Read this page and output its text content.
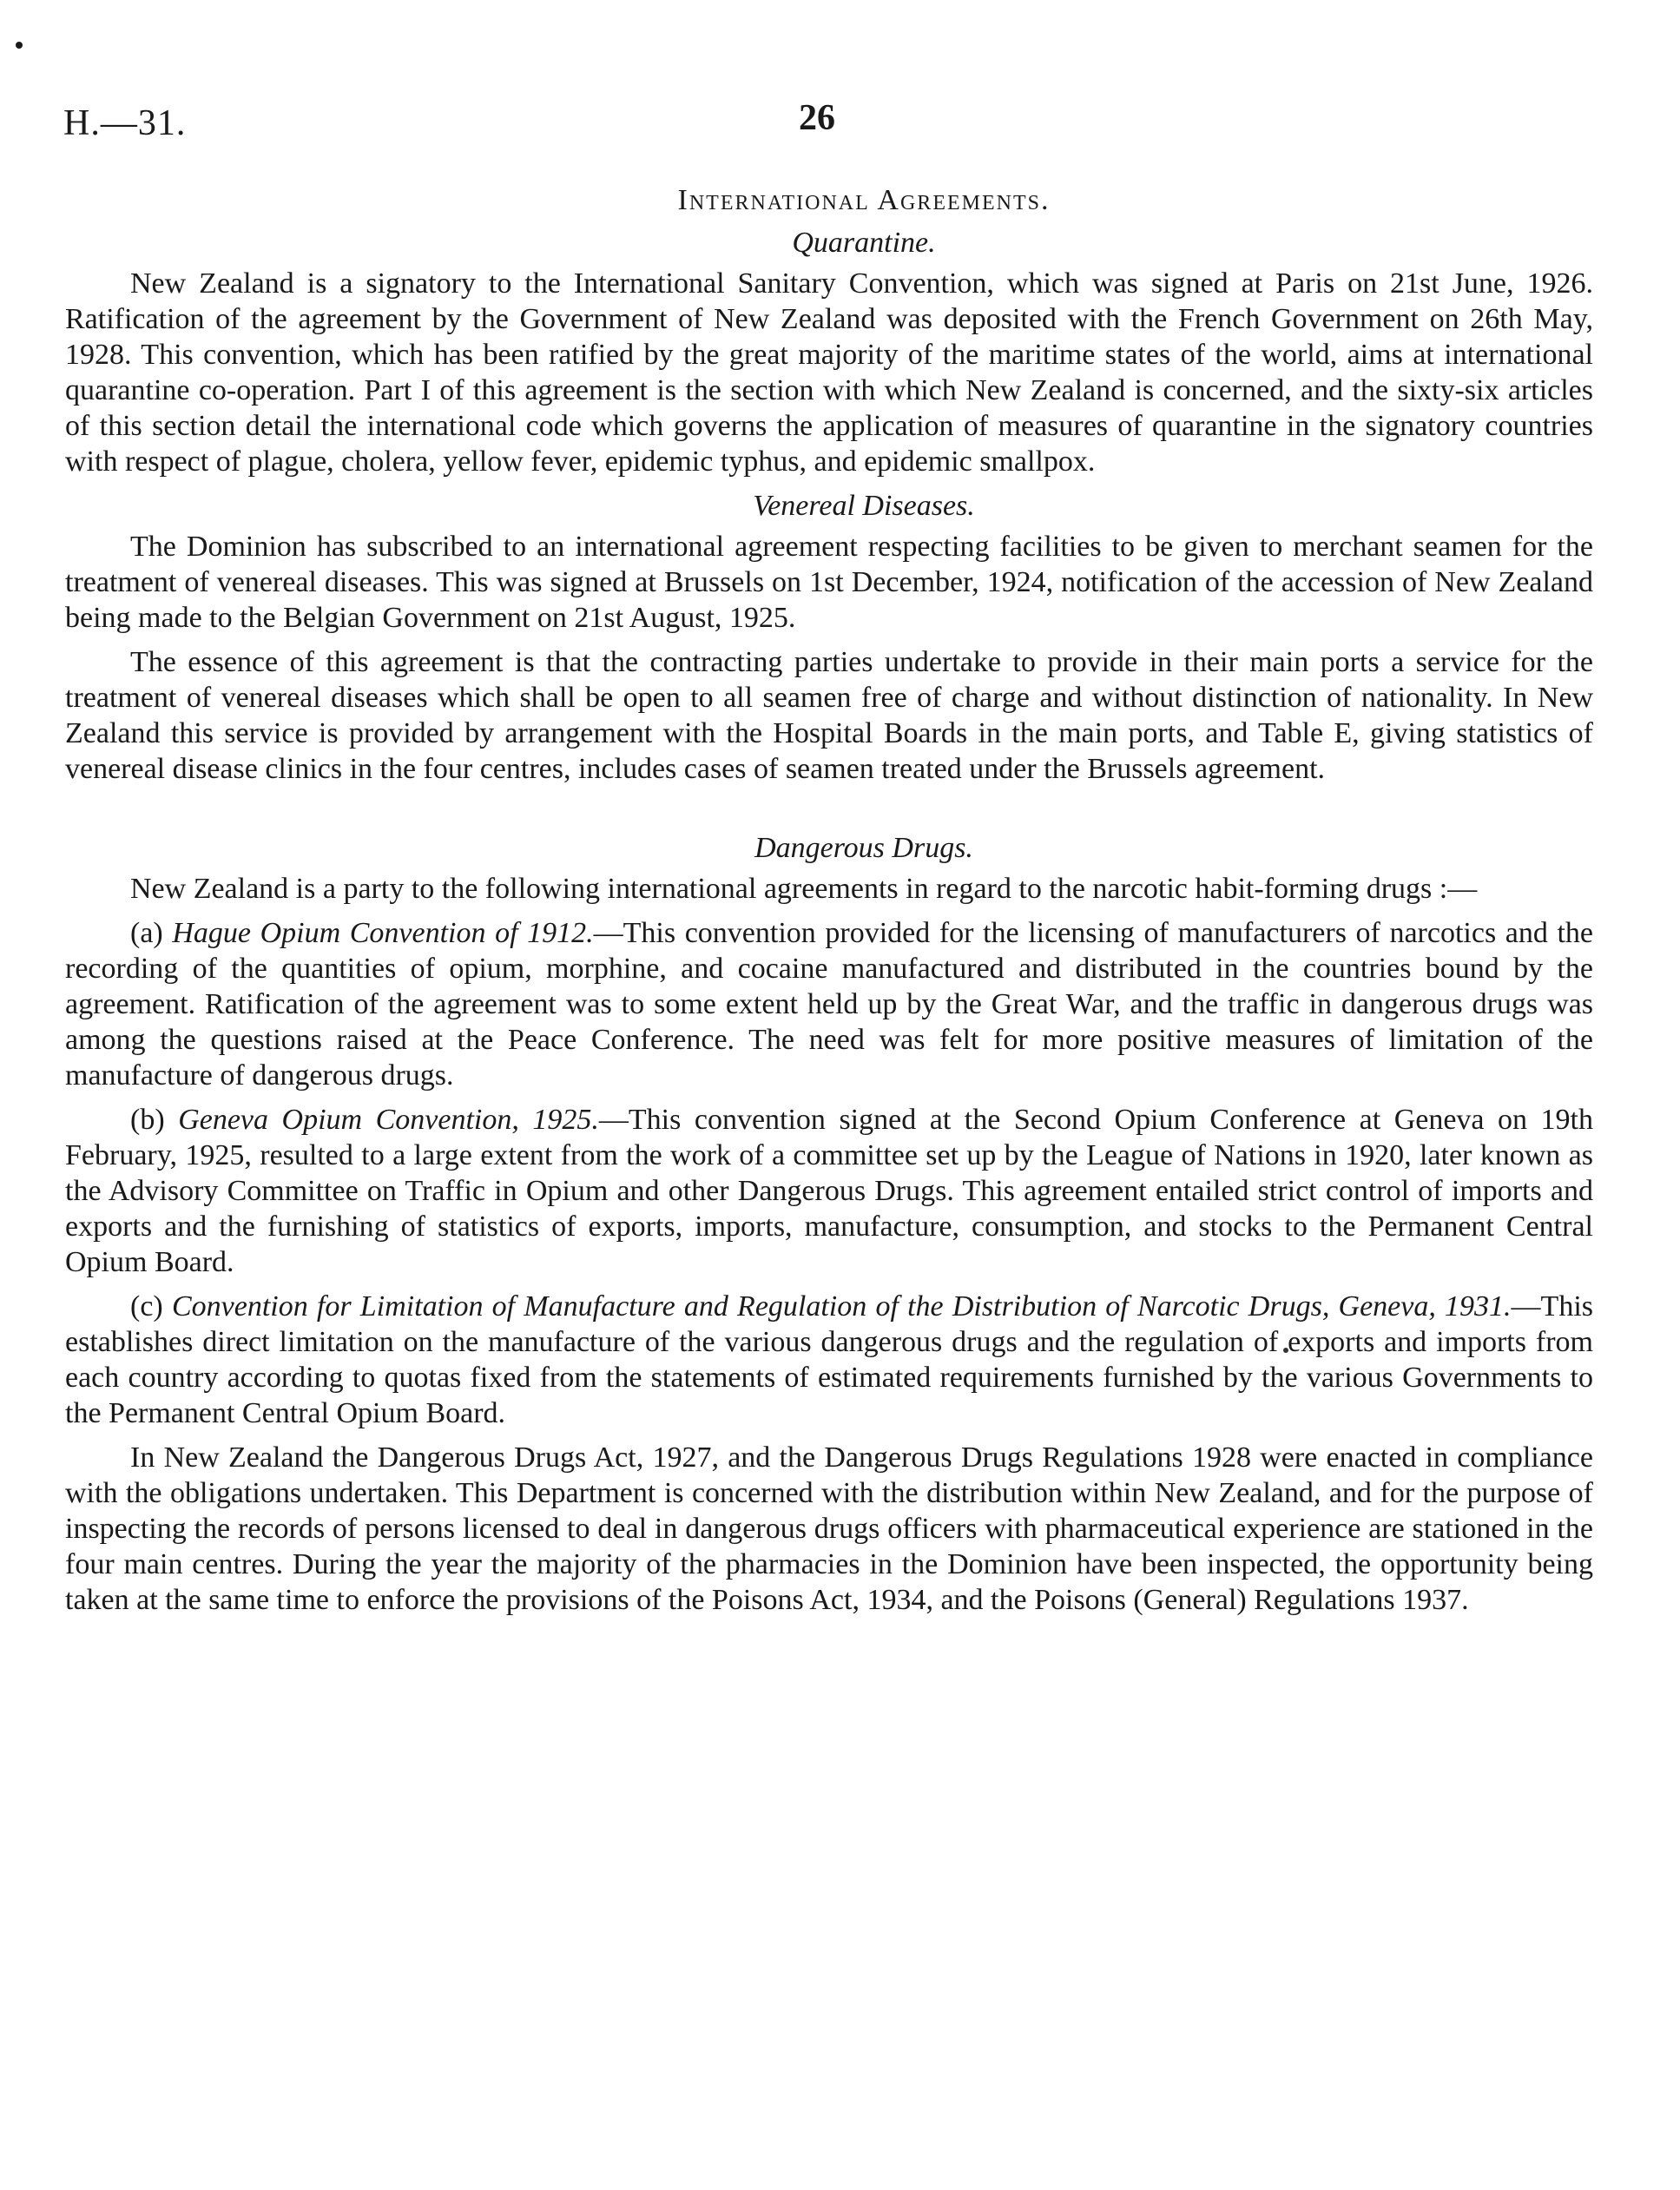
H.—31.	26
International Agreements.
Quarantine.

New Zealand is a signatory to the International Sanitary Convention, which was signed at Paris on 21st June, 1926. Ratification of the agreement by the Government of New Zealand was deposited with the French Government on 26th May, 1928. This convention, which has been ratified by the great majority of the maritime states of the world, aims at international quarantine co-operation. Part I of this agreement is the section with which New Zealand is concerned, and the sixty-six articles of this section detail the international code which governs the application of measures of quarantine in the signatory countries with respect of plague, cholera, yellow fever, epidemic typhus, and epidemic smallpox.

Venereal Diseases.

The Dominion has subscribed to an international agreement respecting facilities to be given to merchant seamen for the treatment of venereal diseases. This was signed at Brussels on 1st December, 1924, notification of the accession of New Zealand being made to the Belgian Government on 21st August, 1925.

The essence of this agreement is that the contracting parties undertake to provide in their main ports a service for the treatment of venereal diseases which shall be open to all seamen free of charge and without distinction of nationality. In New Zealand this service is provided by arrangement with the Hospital Boards in the main ports, and Table E, giving statistics of venereal disease clinics in the four centres, includes cases of seamen treated under the Brussels agreement.

Dangerous Drugs.

New Zealand is a party to the following international agreements in regard to the narcotic habit-forming drugs :—

(a) Hague Opium Convention of 1912.—This convention provided for the licensing of manufacturers of narcotics and the recording of the quantities of opium, morphine, and cocaine manufactured and distributed in the countries bound by the agreement. Ratification of the agreement was to some extent held up by the Great War, and the traffic in dangerous drugs was among the questions raised at the Peace Conference. The need was felt for more positive measures of limitation of the manufacture of dangerous drugs.

(b) Geneva Opium Convention, 1925.—This convention signed at the Second Opium Conference at Geneva on 19th February, 1925, resulted to a large extent from the work of a committee set up by the League of Nations in 1920, later known as the Advisory Committee on Traffic in Opium and other Dangerous Drugs. This agreement entailed strict control of imports and exports and the furnishing of statistics of exports, imports, manufacture, consumption, and stocks to the Permanent Central Opium Board.

(c) Convention for Limitation of Manufacture and Regulation of the Distribution of Narcotic Drugs, Geneva, 1931.—This establishes direct limitation on the manufacture of the various dangerous drugs and the regulation of exports and imports from each country according to quotas fixed from the statements of estimated requirements furnished by the various Governments to the Permanent Central Opium Board.

In New Zealand the Dangerous Drugs Act, 1927, and the Dangerous Drugs Regulations 1928 were enacted in compliance with the obligations undertaken. This Department is concerned with the distribution within New Zealand, and for the purpose of inspecting the records of persons licensed to deal in dangerous drugs officers with pharmaceutical experience are stationed in the four main centres. During the year the majority of the pharmacies in the Dominion have been inspected, the opportunity being taken at the same time to enforce the provisions of the Poisons Act, 1934, and the Poisons (General) Regulations 1937.
